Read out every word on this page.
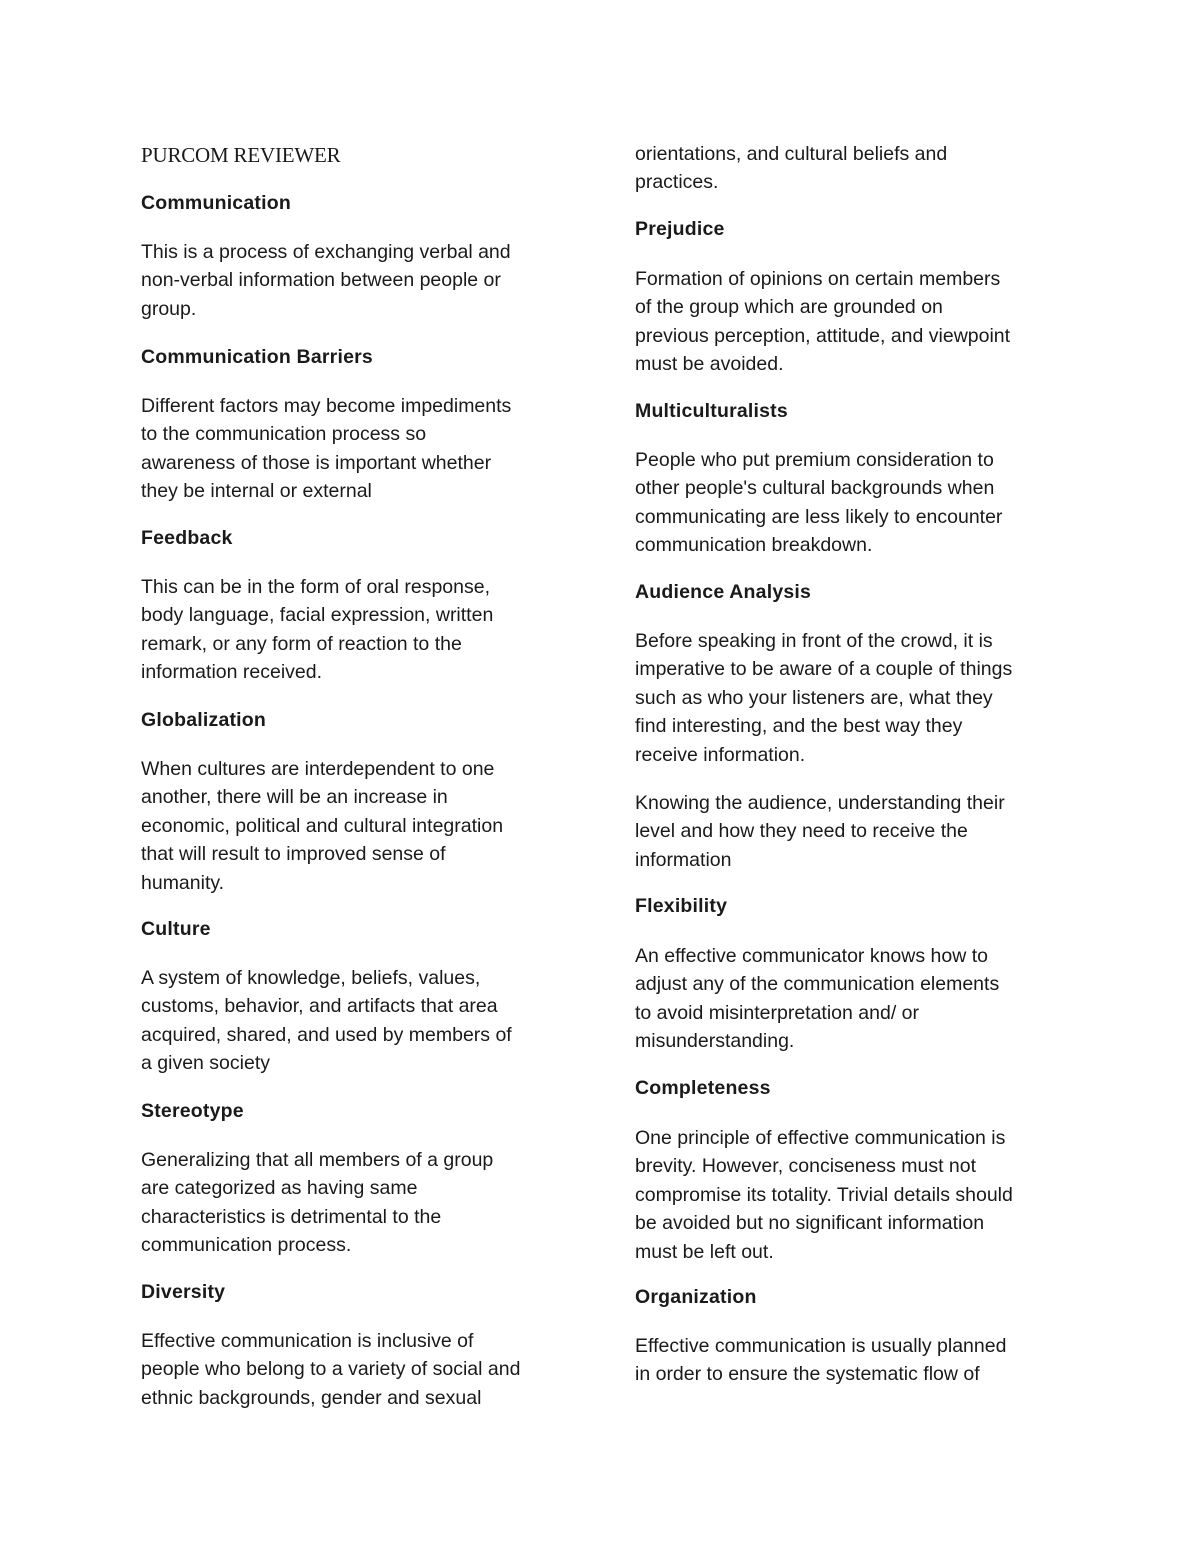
PURCOM REVIEWER
Communication
This is a process of exchanging verbal and
non-verbal information between people or
group.
Communication Barriers
Different factors may become impediments
to the communication process so
awareness of those is important whether
they be internal or external
Feedback
This can be in the form of oral response,
body language, facial expression, written
remark, or any form of reaction to the
information received.
Globalization
When cultures are interdependent to one
another, there will be an increase in
economic, political and cultural integration
that will result to improved sense of
humanity.
Culture
A system of knowledge, beliefs, values,
customs, behavior, and artifacts that area
acquired, shared, and used by members of
a given society
Stereotype
Generalizing that all members of a group
are categorized as having same
characteristics is detrimental to the
communication process.
Diversity
Effective communication is inclusive of
people who belong to a variety of social and
ethnic backgrounds, gender and sexual
orientations, and cultural beliefs and
practices.
Prejudice
Formation of opinions on certain members
of the group which are grounded on
previous perception, attitude, and viewpoint
must be avoided.
Multiculturalists
People who put premium consideration to
other people's cultural backgrounds when
communicating are less likely to encounter
communication breakdown.
Audience Analysis
Before speaking in front of the crowd, it is
imperative to be aware of a couple of things
such as who your listeners are, what they
find interesting, and the best way they
receive information.
Knowing the audience, understanding their
level and how they need to receive the
information
Flexibility
An effective communicator knows how to
adjust any of the communication elements
to avoid misinterpretation and/ or
misunderstanding.
Completeness
One principle of effective communication is
brevity. However, conciseness must not
compromise its totality. Trivial details should
be avoided but no significant information
must be left out.
Organization
Effective communication is usually planned
in order to ensure the systematic flow of
